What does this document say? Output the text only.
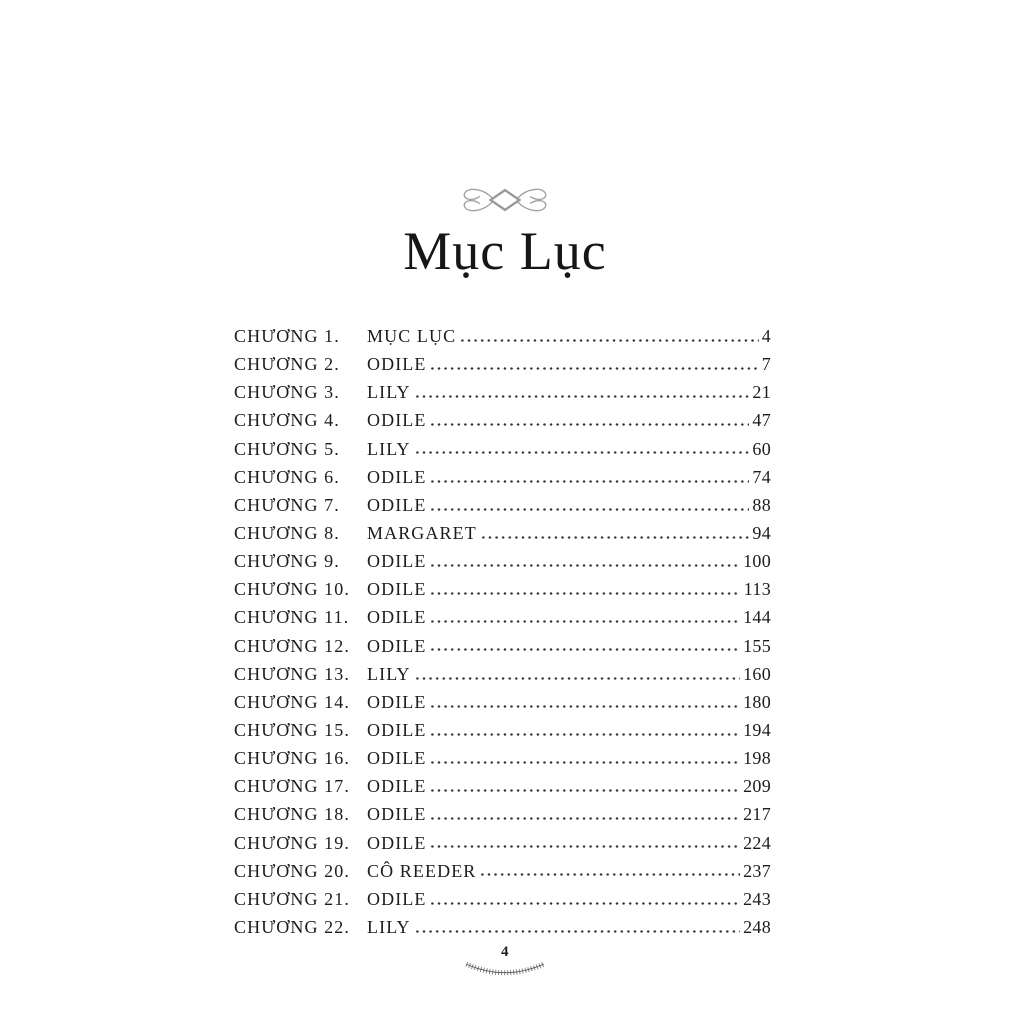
Mục Lục
CHƯƠNG 1.	MỤC LỤC	4
CHƯƠNG 2.	ODILE	7
CHƯƠNG 3.	LILY	21
CHƯƠNG 4.	ODILE	47
CHƯƠNG 5.	LILY	60
CHƯƠNG 6.	ODILE	74
CHƯƠNG 7.	ODILE	88
CHƯƠNG 8.	MARGARET	94
CHƯƠNG 9.	ODILE	100
CHƯƠNG 10. ODILE	113
CHƯƠNG 11. ODILE	144
CHƯƠNG 12. ODILE	155
CHƯƠNG 13. LILY	160
CHƯƠNG 14. ODILE	180
CHƯƠNG 15. ODILE	194
CHƯƠNG 16. ODILE	198
CHƯƠNG 17. ODILE	209
CHƯƠNG 18. ODILE	217
CHƯƠNG 19. ODILE	224
CHƯƠNG 20. CÔ REEDER	237
CHƯƠNG 21. ODILE	243
CHƯƠNG 22. LILY	248
4
